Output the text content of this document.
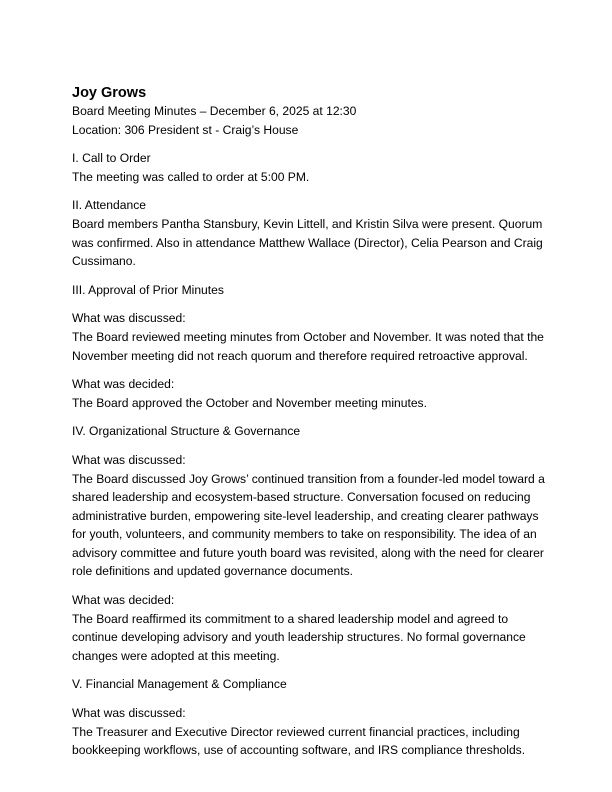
Joy Grows

Board Meeting Minutes – December 6, 2025 at 12:30

Location: 306 President st - Craig’s House

I. Call to Order

The meeting was called to order at 5:00 PM.

II. Attendance

Board members Pantha Stansbury, Kevin Littell, and Kristin Silva were present. Quorum was confirmed. Also in attendance Matthew Wallace (Director), Celia Pearson and Craig Cussimano.

III. Approval of Prior Minutes

What was discussed:

The Board reviewed meeting minutes from October and November. It was noted that the November meeting did not reach quorum and therefore required retroactive approval.

What was decided:

The Board approved the October and November meeting minutes.

IV. Organizational Structure & Governance

What was discussed:

The Board discussed Joy Grows’ continued transition from a founder-led model toward a shared leadership and ecosystem-based structure. Conversation focused on reducing administrative burden, empowering site-level leadership, and creating clearer pathways for youth, volunteers, and community members to take on responsibility. The idea of an advisory committee and future youth board was revisited, along with the need for clearer role definitions and updated governance documents.

What was decided:

The Board reaffirmed its commitment to a shared leadership model and agreed to continue developing advisory and youth leadership structures. No formal governance changes were adopted at this meeting.

V. Financial Management & Compliance

What was discussed:

The Treasurer and Executive Director reviewed current financial practices, including bookkeeping workflows, use of accounting software, and IRS compliance thresholds.
